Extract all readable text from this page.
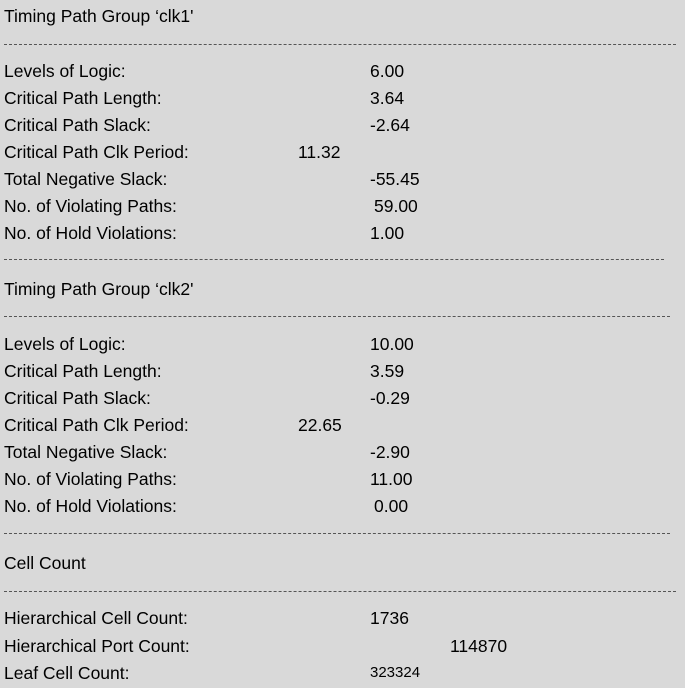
Timing Path Group ‘clk1'
Levels of Logic:	6.00
Critical Path Length:	3.64
Critical Path Slack:	-2.64
Critical Path Clk Period:	11.32
Total Negative Slack:	-55.45
No. of Violating Paths:	59.00
No. of Hold Violations:	1.00
Timing Path Group ‘clk2'
Levels of Logic:	10.00
Critical Path Length:	3.59
Critical Path Slack:	-0.29
Critical Path Clk Period:	22.65
Total Negative Slack:	-2.90
No. of Violating Paths:	11.00
No. of Hold Violations:	0.00
Cell Count
Hierarchical Cell Count:	1736
Hierarchical Port Count:	114870
Leaf Cell Count:	323324
